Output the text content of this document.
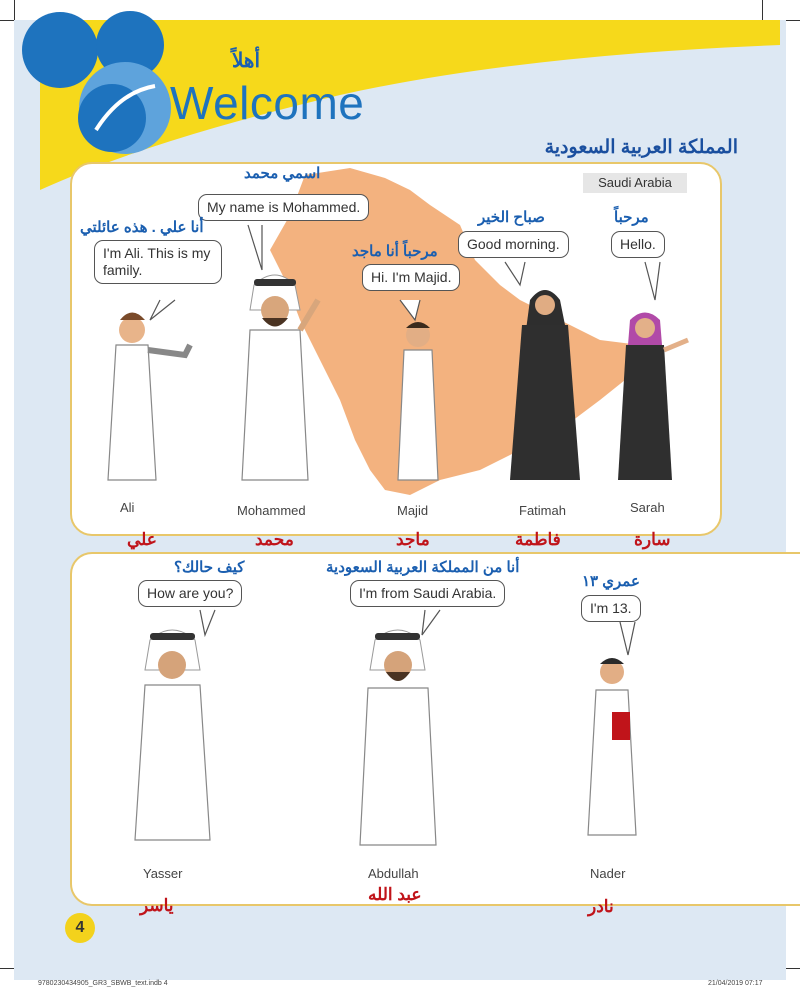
أهلاً
Welcome
المملكة العربية السعودية
Saudi Arabia
I'm Ali. This is my family.
My name is Mohammed.
Hi. I'm Majid.
Good morning.	Hello.
أنا علي . هذه عائلتي
اسمي محمد
مرحباً أنا ماجد
صباح الخير	مرحباً
Ali	Mohammed	Majid	Fatimah	Sarah
علي	محمد	ماجد	فاطمة	سارة
How are you?	I'm from Saudi Arabia.
I'm 13.
كيف حالك؟	أنا من المملكة العربية السعودية
عمري ١٣
Yasser	Abdullah	Nader
ياسر
عبد الله
نادر
4
9780230434905_GR3_SBWB_text.indb 4	21/04/2019 07:17
